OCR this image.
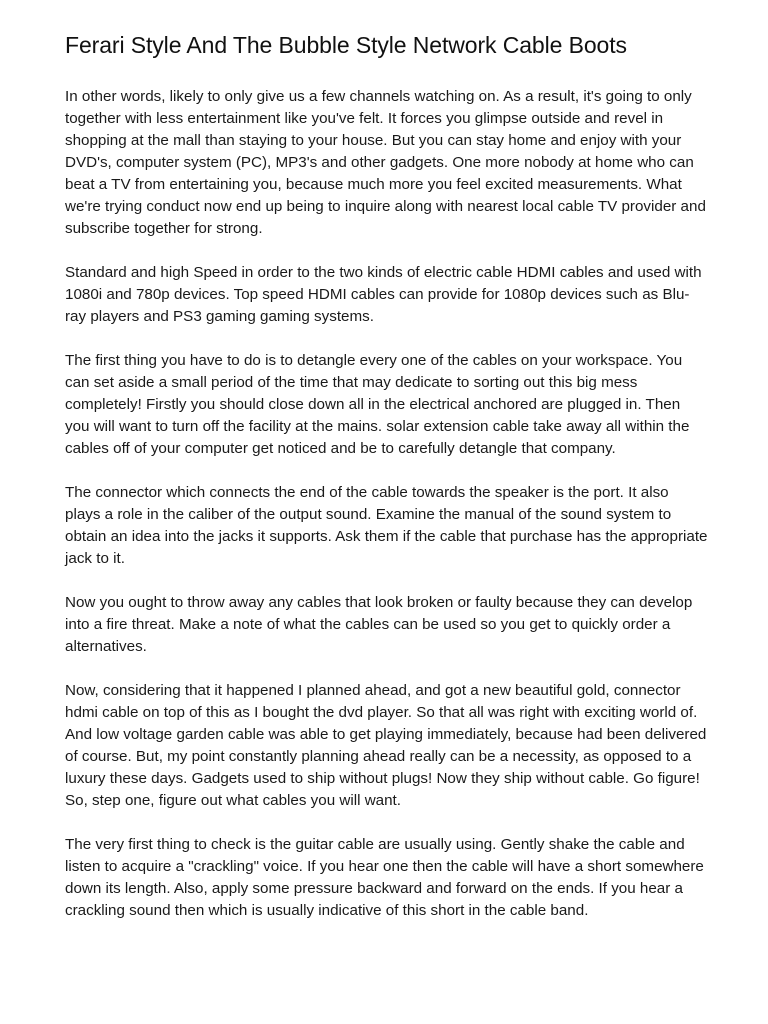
Ferari Style And The Bubble Style Network Cable Boots

In other words, likely to only give us a few channels watching on. As a result, it's going to only together with less entertainment like you've felt. It forces you glimpse outside and revel in shopping at the mall than staying to your house. But you can stay home and enjoy with your DVD's, computer system (PC), MP3's and other gadgets. One more nobody at home who can beat a TV from entertaining you, because much more you feel excited measurements. What we're trying conduct now end up being to inquire along with nearest local cable TV provider and subscribe together for strong.

Standard and high Speed in order to the two kinds of electric cable HDMI cables and used with 1080i and 780p devices. Top speed HDMI cables can provide for 1080p devices such as Blu-ray players and PS3 gaming gaming systems.

The first thing you have to do is to detangle every one of the cables on your workspace. You can set aside a small period of the time that may dedicate to sorting out this big mess completely! Firstly you should close down all in the electrical anchored are plugged in. Then you will want to turn off the facility at the mains. solar extension cable take away all within the cables off of your computer get noticed and be to carefully detangle that company.

The connector which connects the end of the cable towards the speaker is the port. It also plays a role in the caliber of the output sound. Examine the manual of the sound system to obtain an idea into the jacks it supports. Ask them if the cable that purchase has the appropriate jack to it.

Now you ought to throw away any cables that look broken or faulty because they can develop into a fire threat. Make a note of what the cables can be used so you get to quickly order a alternatives.

Now, considering that it happened I planned ahead, and got a new beautiful gold, connector hdmi cable on top of this as I bought the dvd player. So that all was right with exciting world of. And low voltage garden cable was able to get playing immediately, because had been delivered of course. But, my point constantly planning ahead really can be a necessity, as opposed to a luxury these days. Gadgets used to ship without plugs! Now they ship without cable. Go figure! So, step one, figure out what cables you will want.

The very first thing to check is the guitar cable are usually using. Gently shake the cable and listen to acquire a "crackling" voice. If you hear one then the cable will have a short somewhere down its length. Also, apply some pressure backward and forward on the ends. If you hear a crackling sound then which is usually indicative of this short in the cable band.
